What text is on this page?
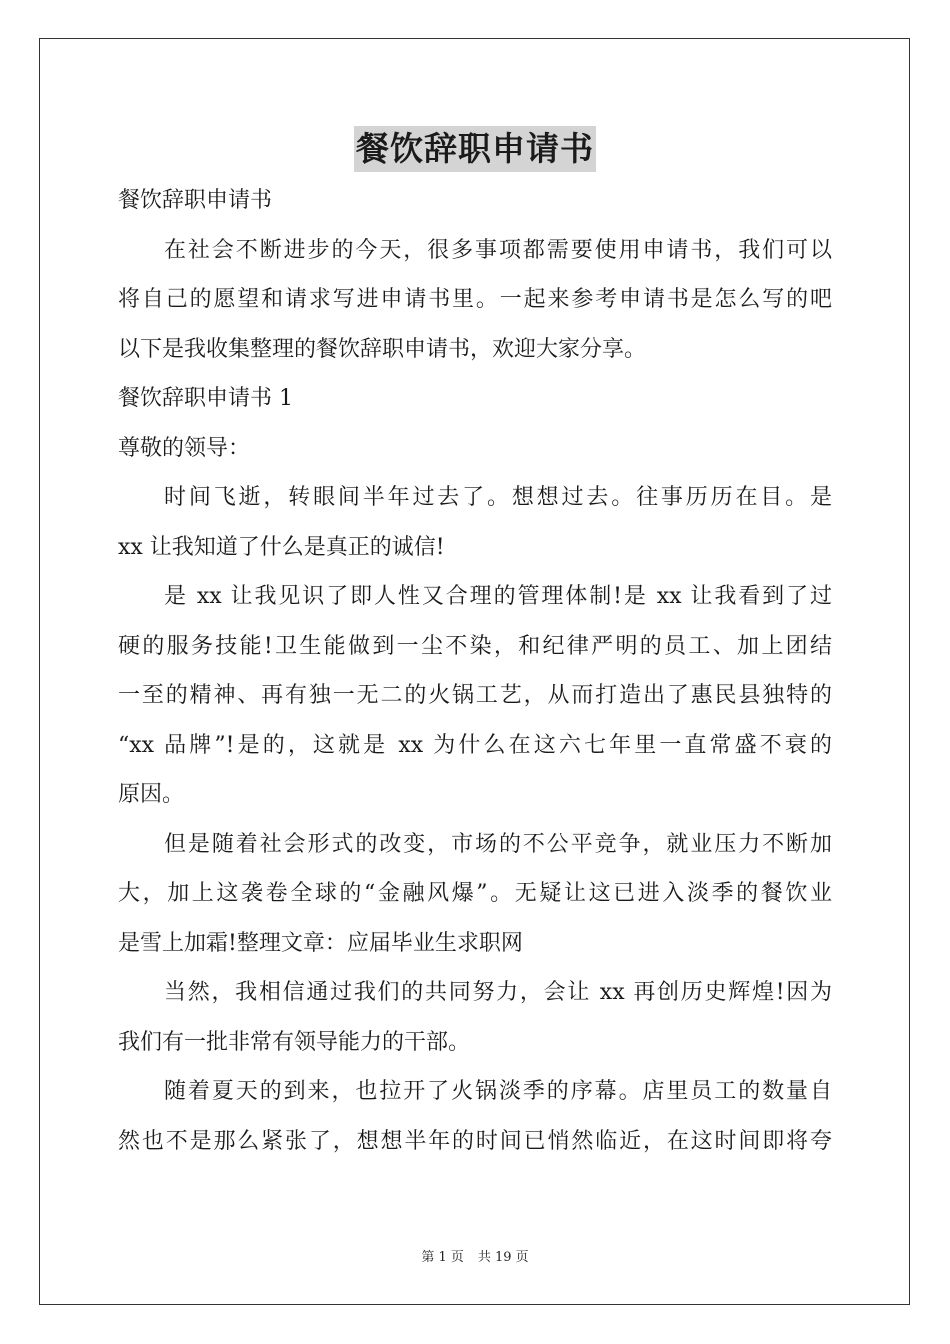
餐饮辞职申请书
餐饮辞职申请书
在社会不断进步的今天，很多事项都需要使用申请书，我们可以
将自己的愿望和请求写进申请书里。一起来参考申请书是怎么写的吧
以下是我收集整理的餐饮辞职申请书，欢迎大家分享。
餐饮辞职申请书 1
尊敬的领导：
时间飞逝，转眼间半年过去了。想想过去。往事历历在目。是
xx 让我知道了什么是真正的诚信!
是 xx 让我见识了即人性又合理的管理体制!是 xx 让我看到了过
硬的服务技能!卫生能做到一尘不染，和纪律严明的员工、加上团结
一至的精神、再有独一无二的火锅工艺，从而打造出了惠民县独特的
“xx 品牌”!是的，这就是 xx 为什么在这六七年里一直常盛不衰的
原因。
但是随着社会形式的改变，市场的不公平竞争，就业压力不断加
大，加上这袭卷全球的“金融风爆”。无疑让这已进入淡季的餐饮业
是雪上加霜!整理文章：应届毕业生求职网
当然，我相信通过我们的共同努力，会让 xx 再创历史辉煌!因为
我们有一批非常有领导能力的干部。
随着夏天的到来，也拉开了火锅淡季的序幕。店里员工的数量自
然也不是那么紧张了，想想半年的时间已悄然临近，在这时间即将夸
第 1 页 共 19 页
